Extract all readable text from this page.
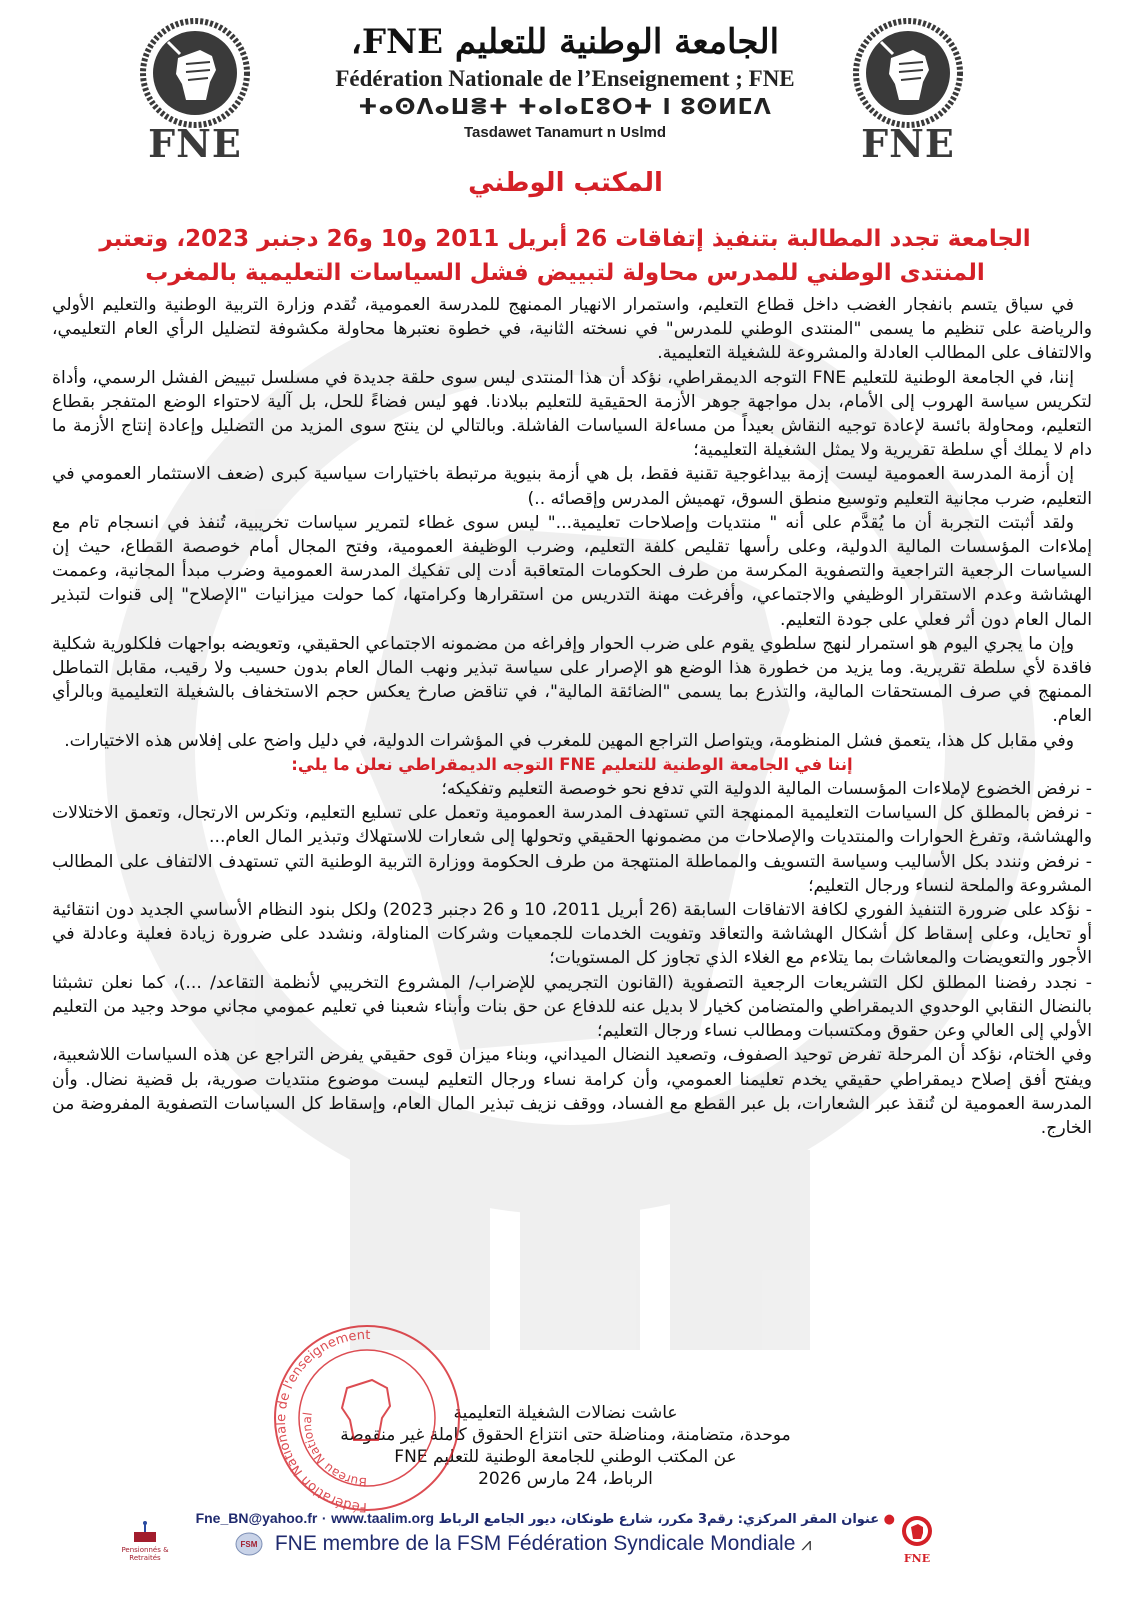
FNE
الجامعة الوطنية للتعليم FNE،
Fédération Nationale de l’Enseignement ; FNE
ⵜⴰⵙⴷⴰⵡⴻⵜ ⵜⴰⵏⴰⵎⵓⵔⵜ ⵏ ⵓⵙⵍⵎⴷ
Tasdawet Tanamurt n Uslmd	FNE
المكتب الوطني
الجامعة تجدد المطالبة بتنفيذ إتفاقات 26 أبريل 2011 و10 و26 دجنبر 2023، وتعتبر
المنتدى الوطني للمدرس محاولة لتبييض فشل السياسات التعليمية بالمغرب

في سياق يتسم بانفجار الغضب داخل قطاع التعليم، واستمرار الانهيار الممنهج للمدرسة العمومية، تُقدم وزارة التربية الوطنية والتعليم الأولي والرياضة على تنظيم ما يسمى "المنتدى الوطني للمدرس" في نسخته الثانية، في خطوة نعتبرها محاولة مكشوفة لتضليل الرأي العام التعليمي، والالتفاف على المطالب العادلة والمشروعة للشغيلة التعليمية.

إننا، في الجامعة الوطنية للتعليم FNE التوجه الديمقراطي، نؤكد أن هذا المنتدى ليس سوى حلقة جديدة في مسلسل تبييض الفشل الرسمي، وأداة لتكريس سياسة الهروب إلى الأمام، بدل مواجهة جوهر الأزمة الحقيقية للتعليم ببلادنا. فهو ليس فضاءً للحل، بل آلية لاحتواء الوضع المتفجر بقطاع التعليم، ومحاولة بائسة لإعادة توجيه النقاش بعيداً من مساءلة السياسات الفاشلة. وبالتالي لن ينتج سوى المزيد من التضليل وإعادة إنتاج الأزمة ما دام لا يملك أي سلطة تقريرية ولا يمثل الشغيلة التعليمية؛

إن أزمة المدرسة العمومية ليست إزمة بيداغوجية تقنية فقط، بل هي أزمة بنيوية مرتبطة باختيارات سياسية كبرى (ضعف الاستثمار العمومي في التعليم، ضرب مجانية التعليم وتوسيع منطق السوق، تهميش المدرس وإقصائه ..)

ولقد أثبتت التجربة أن ما يُقدَّم على أنه " منتديات وإصلاحات تعليمية..." ليس سوى غطاء لتمرير سياسات تخريبية، تُنفذ في انسجام تام مع إملاءات المؤسسات المالية الدولية، وعلى رأسها تقليص كلفة التعليم، وضرب الوظيفة العمومية، وفتح المجال أمام خوصصة القطاع، حيث إن السياسات الرجعية التراجعية والتصفوية المكرسة من طرف الحكومات المتعاقبة أدت إلى تفكيك المدرسة العمومية وضرب مبدأ المجانية، وعممت الهشاشة وعدم الاستقرار الوظيفي والاجتماعي، وأفرغت مهنة التدريس من استقرارها وكرامتها، كما حولت ميزانيات "الإصلاح" إلى قنوات لتبذير المال العام دون أثر فعلي على جودة التعليم.

وإن ما يجري اليوم هو استمرار لنهج سلطوي يقوم على ضرب الحوار وإفراغه من مضمونه الاجتماعي الحقيقي، وتعويضه بواجهات فلكلورية شكلية فاقدة لأي سلطة تقريرية. وما يزيد من خطورة هذا الوضع هو الإصرار على سياسة تبذير ونهب المال العام بدون حسيب ولا رقيب، مقابل التماطل الممنهج في صرف المستحقات المالية، والتذرع بما يسمى "الضائقة المالية"، في تناقض صارخ يعكس حجم الاستخفاف بالشغيلة التعليمية وبالرأي العام.

وفي مقابل كل هذا، يتعمق فشل المنظومة، ويتواصل التراجع المهين للمغرب في المؤشرات الدولية، في دليل واضح على إفلاس هذه الاختيارات.

إننا في الجامعة الوطنية للتعليم FNE التوجه الديمقراطي نعلن ما يلي:

- نرفض الخضوع لإملاءات المؤسسات المالية الدولية التي تدفع نحو خوصصة التعليم وتفكيكه؛

- نرفض بالمطلق كل السياسات التعليمية الممنهجة التي تستهدف المدرسة العمومية وتعمل على تسليع التعليم، وتكرس الارتجال، وتعمق الاختلالات والهشاشة، وتفرغ الحوارات والمنتديات والإصلاحات من مضمونها الحقيقي وتحولها إلى شعارات للاستهلاك وتبذير المال العام...

- نرفض ونندد بكل الأساليب وسياسة التسويف والمماطلة المنتهجة من طرف الحكومة ووزارة التربية الوطنية التي تستهدف الالتفاف على المطالب المشروعة والملحة لنساء ورجال التعليم؛

- نؤكد على ضرورة التنفيذ الفوري لكافة الاتفاقات السابقة (26 أبريل 2011، 10 و 26 دجنبر 2023) ولكل بنود النظام الأساسي الجديد دون انتقائية أو تحايل، وعلى إسقاط كل أشكال الهشاشة والتعاقد وتفويت الخدمات للجمعيات وشركات المناولة، ونشدد على ضرورة زيادة فعلية وعادلة في الأجور والتعويضات والمعاشات بما يتلاءم مع الغلاء الذي تجاوز كل المستويات؛

- نجدد رفضنا المطلق لكل التشريعات الرجعية التصفوية (القانون التجريمي للإضراب/ المشروع التخريبي لأنظمة التقاعد/ ...)، كما نعلن تشبثنا بالنضال النقابي الوحدوي الديمقراطي والمتضامن كخيار لا بديل عنه للدفاع عن حق بنات وأبناء شعبنا في تعليم عمومي مجاني موحد وجيد من التعليم الأولي إلى العالي وعن حقوق ومكتسبات ومطالب نساء ورجال التعليم؛

وفي الختام، نؤكد أن المرحلة تفرض توحيد الصفوف، وتصعيد النضال الميداني، وبناء ميزان قوى حقيقي يفرض التراجع عن هذه السياسات اللاشعبية، ويفتح أفق إصلاح ديمقراطي حقيقي يخدم تعليمنا العمومي، وأن كرامة نساء ورجال التعليم ليست موضوع منتديات صورية، بل قضية نضال. وأن المدرسة العمومية لن تُنقذ عبر الشعارات، بل عبر القطع مع الفساد، ووقف نزيف تبذير المال العام، وإسقاط كل السياسات التصفوية المفروضة من الخارج.

عاشت نضالات الشغيلة التعليمية
موحدة، متضامنة، ومناضلة حتى انتزاع الحقوق كاملة غير منقوصة
عن المكتب الوطني للجامعة الوطنية للتعليم FNE
الرباط، 24 مارس 2026
Fédération Nationale de l'enseignement
Bureau National
Pensionnés & Retraités
● عنوان المقر المركزي: رقم3 مكرر، شارع طونكان، ديور الجامع الرباط Fne_BN@yahoo.fr · www.taalim.org
FSM FNE membre de la FSM Fédération Syndicale Mondiale ⩘
FNE
